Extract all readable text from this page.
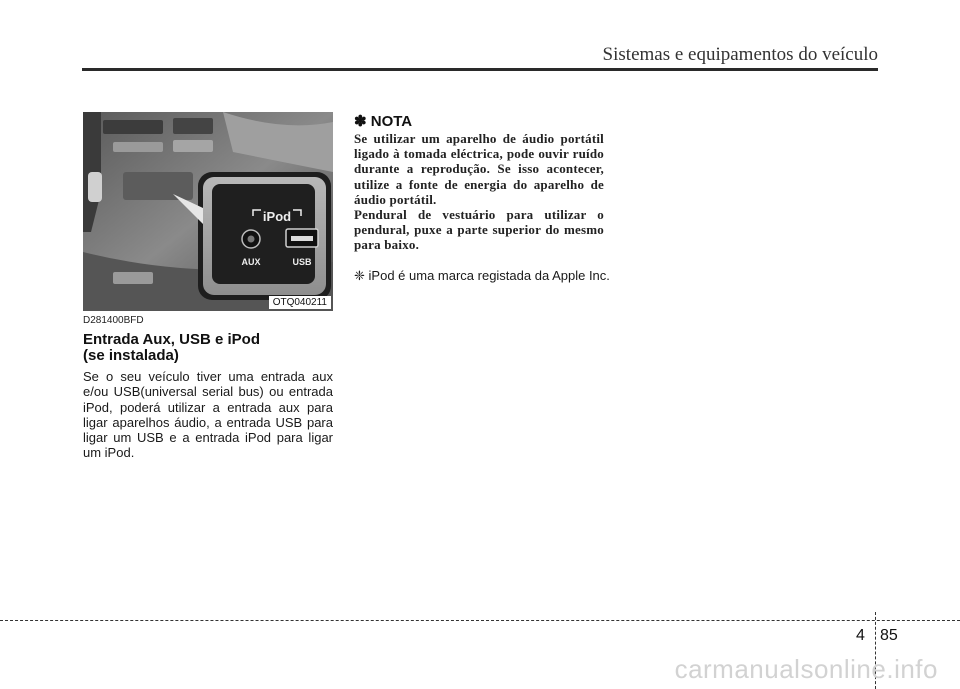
Sistemas e equipamentos do veículo
iPod
AUX	USB
OTQ040211
D281400BFD
Entrada Aux, USB e iPod
(se instalada)
Se o seu veículo tiver uma entrada aux e/ou USB(universal serial bus) ou entrada iPod, poderá utilizar a entrada aux para ligar aparelhos áudio, a entrada USB para ligar um USB e a entrada iPod para ligar um iPod.
✽ NOTA
Se utilizar um aparelho de áudio portátil ligado à tomada eléctrica, pode ouvir ruído durante a reprodução. Se isso acontecer, utilize a fonte de energia do aparelho de áudio portátil.
Pendural de vestuário para utilizar o pendural, puxe a parte superior do mesmo para baixo.
❈ iPod é uma marca registada da Apple Inc.
4 85
carmanualsonline.info
